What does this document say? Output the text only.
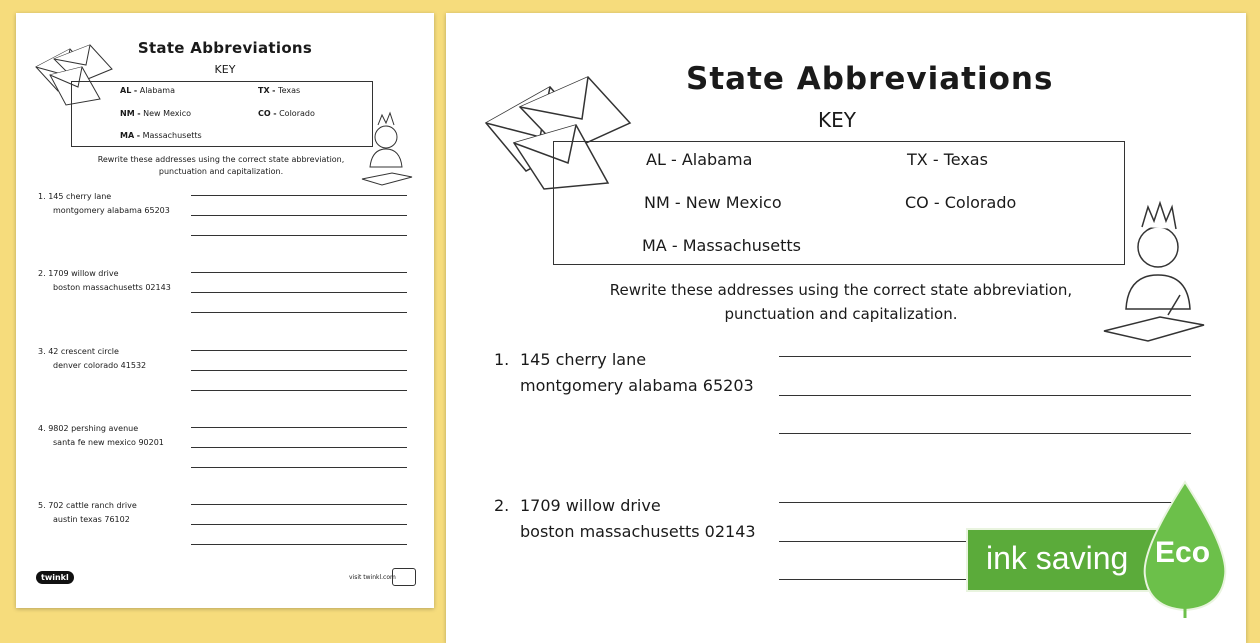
State Abbreviations
KEY
AL - Alabama	TX - Texas
NM - New Mexico	CO - Colorado
MA - Massachusetts
Rewrite these addresses using the correct state abbreviation,
punctuation and capitalization.
1. 145 cherry lane
montgomery alabama 65203
2. 1709 willow drive
boston massachusetts 02143
3. 42 crescent circle
denver colorado 41532
4. 9802 pershing avenue
santa fe new mexico 90201
5. 702 cattle ranch drive
austin texas 76102
twinkl	visit twinkl.com
State Abbreviations
KEY
AL - Alabama	TX - Texas
NM - New Mexico	CO - Colorado
MA - Massachusetts
Rewrite these addresses using the correct state abbreviation,
punctuation and capitalization.
1. 145 cherry lane
montgomery alabama 65203
2. 1709 willow drive
boston massachusetts 02143
ink saving Eco
